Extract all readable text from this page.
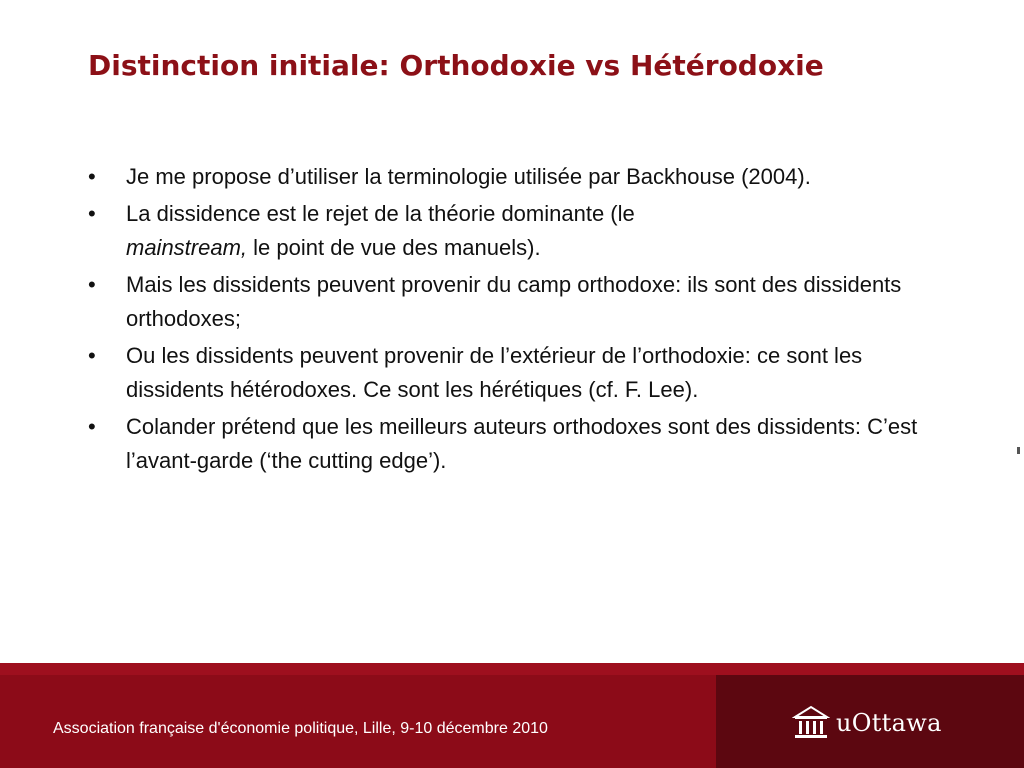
Distinction initiale: Orthodoxie vs Hétérodoxie
•	Je me propose d’utiliser la terminologie utilisée par Backhouse (2004).
•	La dissidence est le rejet de la théorie dominante (le
mainstream, le point de vue des manuels).
•	Mais les dissidents peuvent provenir du camp orthodoxe: ils sont des dissidents orthodoxes;
•	Ou les dissidents peuvent provenir de l’extérieur de l’orthodoxie: ce sont les dissidents hétérodoxes. Ce sont les hérétiques (cf. F. Lee).
•	Colander prétend que les meilleurs auteurs orthodoxes sont des dissidents: C’est l’avant-garde (‘the cutting edge’).
Association française d'économie politique, Lille, 9-10 décembre 2010	uOttawa
